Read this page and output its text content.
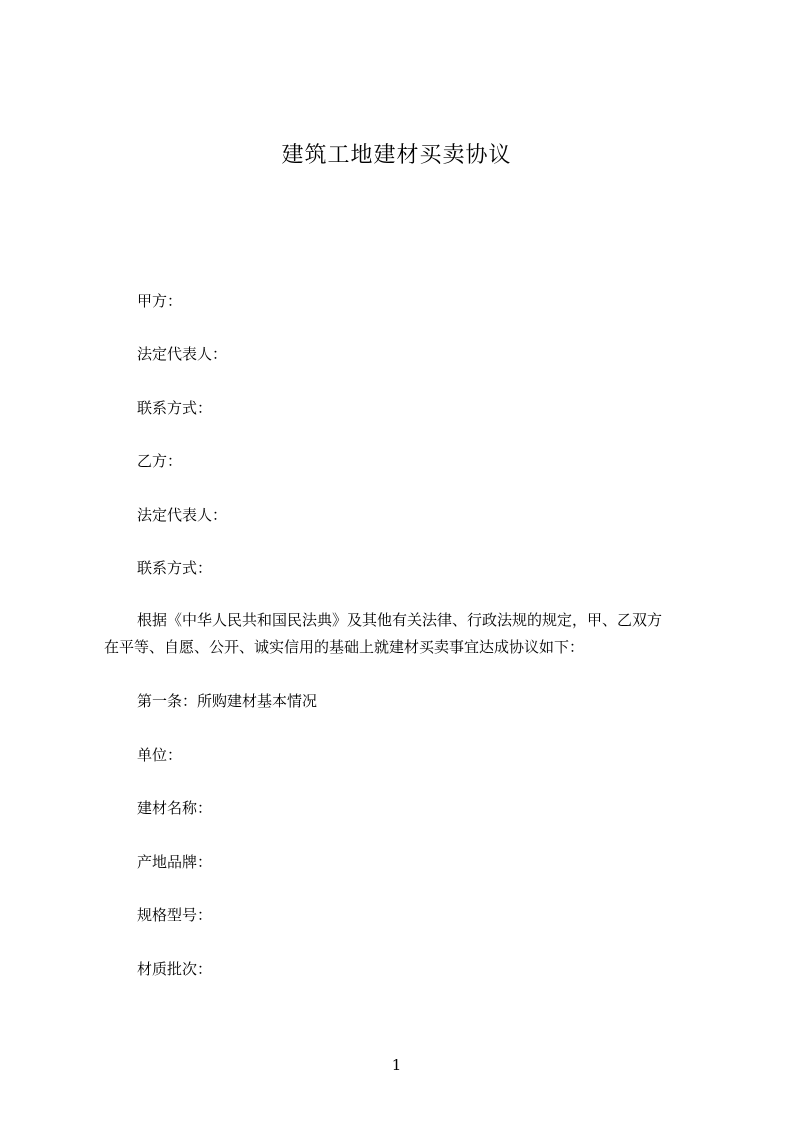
建筑工地建材买卖协议
甲方：
法定代表人：
联系方式：
乙方：
法定代表人：
联系方式：
根据《中华人民共和国民法典》及其他有关法律、行政法规的规定，甲、乙双方
在平等、自愿、公开、诚实信用的基础上就建材买卖事宜达成协议如下：
第一条：所购建材基本情况
单位：
建材名称：
产地品牌：
规格型号：
材质批次：
1
